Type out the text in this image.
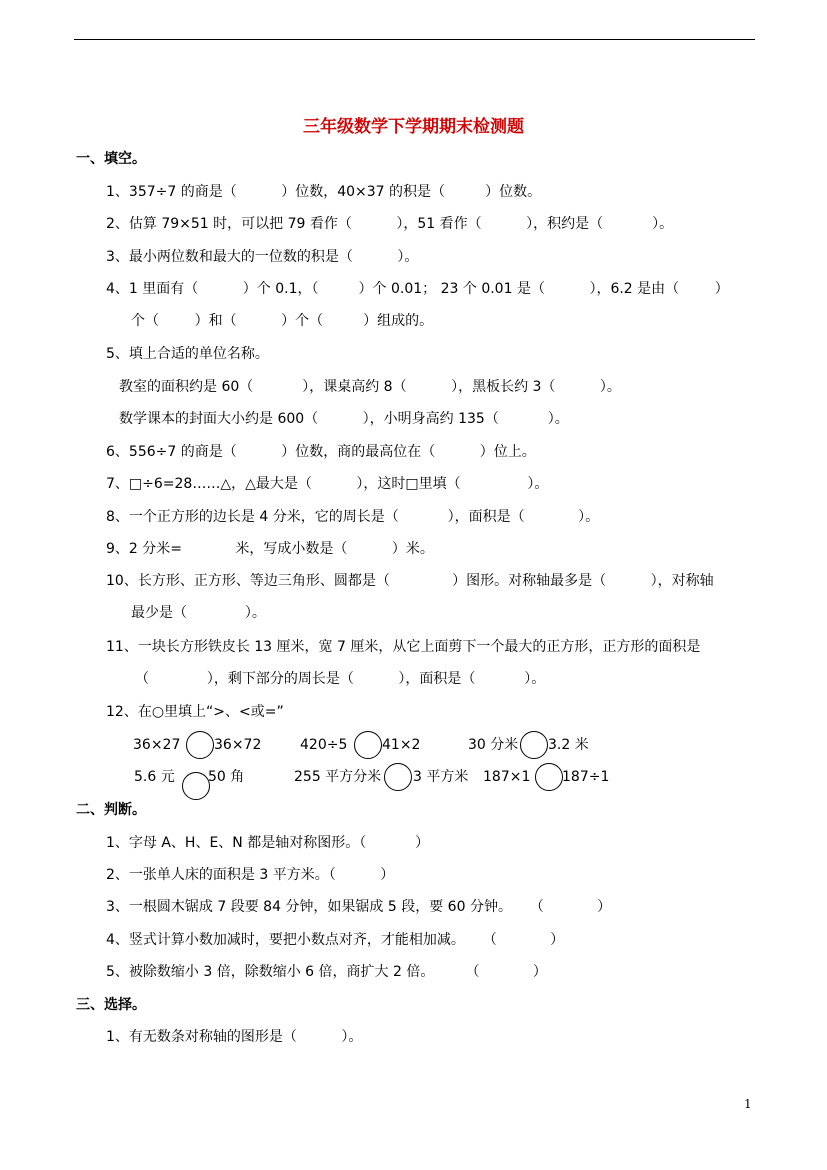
三年级数学下学期期末检测题
一、填空。
1、357÷7 的商是（          ）位数，40×37 的积是（         ）位数。
2、估算 79×51 时，可以把 79 看作（          ），51 看作（          ），积约是（           ）。
3、最小两位数和最大的一位数的积是（          ）。
4、1 里面有（          ）个 0.1，（         ）个 0.01； 23 个 0.01 是（          ），6.2 是由（        ）
个（        ）和（          ）个（         ）组成的。
5、填上合适的单位名称。
教室的面积约是 60（           ），课桌高约 8（          ），黑板长约 3（          ）。
数学课本的封面大小约是 600（          ），小明身高约 135（           ）。
6、556÷7 的商是（          ）位数，商的最高位在（          ）位上。
7、□÷6=28……△，△最大是（          ），这时□里填（               ）。
8、一个正方形的边长是 4 分米，它的周长是（           ），面积是（            ）。
9、2 分米=            米，写成小数是（          ）米。
10、长方形、正方形、等边三角形、圆都是（              ）图形。对称轴最多是（          ），对称轴
最少是（             ）。
11、一块长方形铁皮长 13 厘米，宽 7 厘米，从它上面剪下一个最大的正方形，正方形的面积是
（             ），剩下部分的周长是（          ），面积是（           ）。
12、在○里填上“>、<或=”
36×27 36×72	420÷5 41×2	30 分米 3.2 米
5.6 元 50 角	255 平方分米 3 平方米 187×1 187÷1
二、判断。
1、字母 A、H、E、N 都是轴对称图形。（           ）
2、一张单人床的面积是 3 平方米。（          ）
3、一根圆木锯成 7 段要 84 分钟，如果锯成 5 段，要 60 分钟。    （            ）
4、竖式计算小数加减时，要把小数点对齐，才能相加减。    （            ）
5、被除数缩小 3 倍，除数缩小 6 倍，商扩大 2 倍。       （            ）
三、选择。
1、有无数条对称轴的图形是（          ）。
1
